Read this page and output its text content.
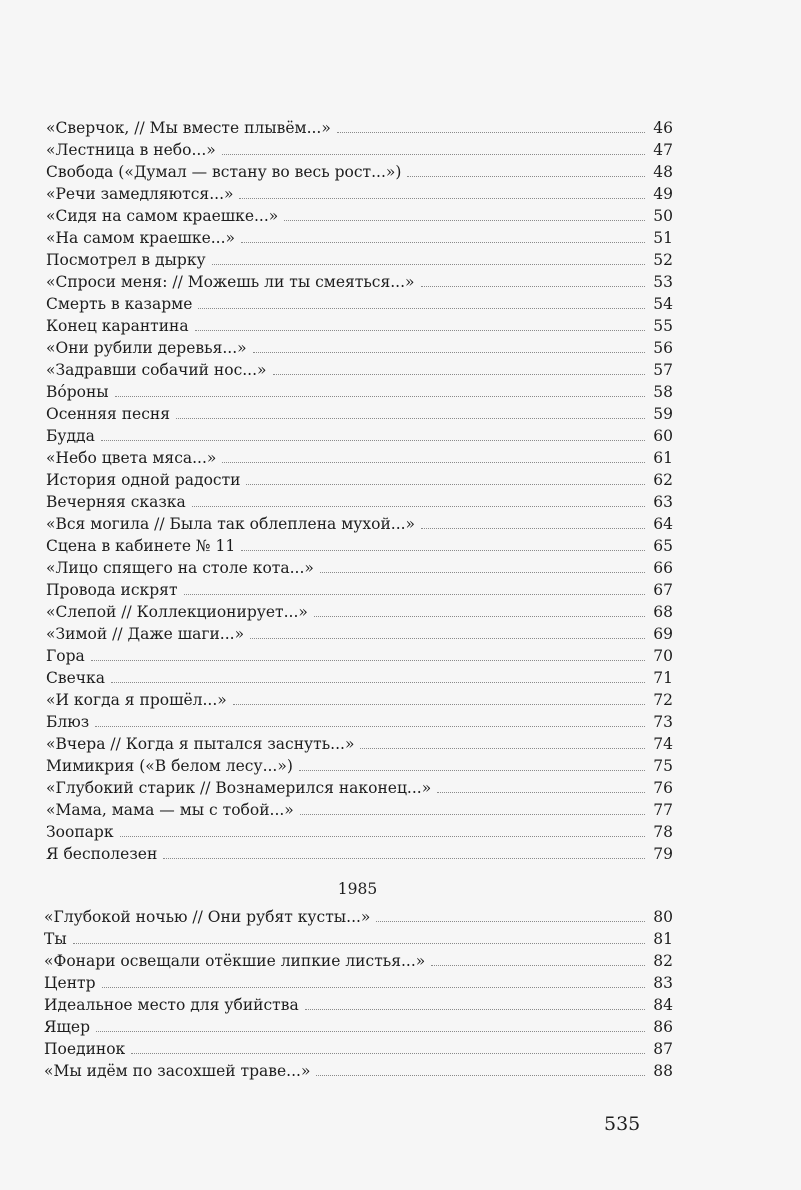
«Сверчок, // Мы вместе плывём...»	46
«Лестница в небо...»	47
Свобода («Думал — встану во весь рост...»)	48
«Речи замедляются...»	49
«Сидя на самом краешке...»	50
«На самом краешке...»	51
Посмотрел в дырку	52
«Спроси меня: // Можешь ли ты смеяться...»	53
Смерть в казарме	54
Конец карантина	55
«Они рубили деревья...»	56
«Задравши собачий нос...»	57
Во́роны	58
Осенняя песня	59
Будда	60
«Небо цвета мяса...»	61
История одной радости	62
Вечерняя сказка	63
«Вся могила // Была так облеплена мухой...»	64
Сцена в кабинете № 11	65
«Лицо спящего на столе кота...»	66
Провода искрят	67
«Слепой // Коллекционирует...»	68
«Зимой // Даже шаги...»	69
Гора	70
Свечка	71
«И когда я прошёл...»	72
Блюз	73
«Вчера // Когда я пытался заснуть...»	74
Мимикрия («В белом лесу...»)	75
«Глубокий старик // Вознамерился наконец...»	76
«Мама, мама — мы с тобой...»	77
Зоопарк	78
Я бесполезен	79
1985
«Глубокой ночью // Они рубят кусты...»	80
Ты	81
«Фонари освещали отёкшие липкие листья...»	82
Центр	83
Идеальное место для убийства	84
Ящер	86
Поединок	87
«Мы идём по засохшей траве...»	88
535
